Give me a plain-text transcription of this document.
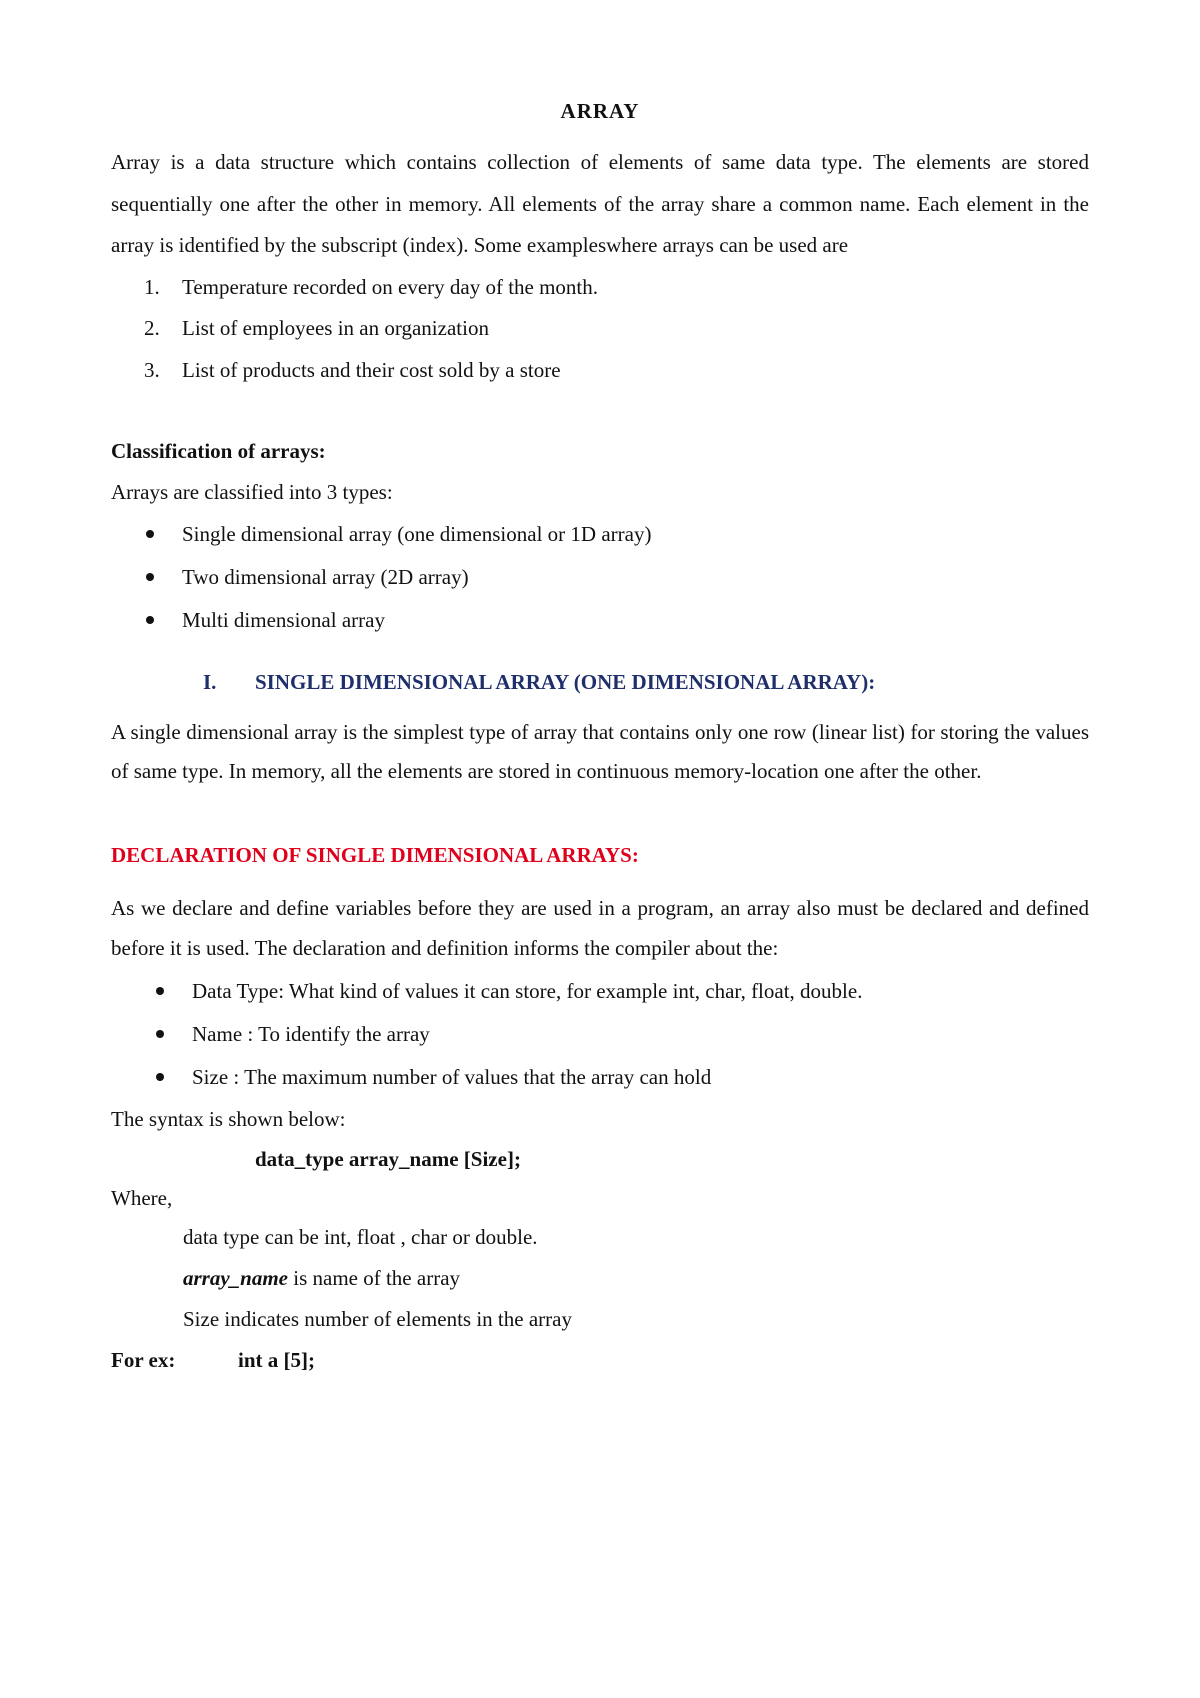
ARRAY

Array is a data structure which contains collection of elements of same data type. The elements are stored sequentially one after the other in memory. All elements of the array share a common name. Each element in the array is identified by the subscript (index). Some exampleswhere arrays can be used are

1. Temperature recorded on every day of the month.
2. List of employees in an organization
3. List of products and their cost sold by a store

Classification of arrays:

Arrays are classified into 3 types:

Single dimensional array (one dimensional or 1D array)
Two dimensional array (2D array)
Multi dimensional array

I. SINGLE DIMENSIONAL ARRAY (ONE DIMENSIONAL ARRAY):

A single dimensional array is the simplest type of array that contains only one row (linear list) for storing the values of same type. In memory, all the elements are stored in continuous memory-location one after the other.

DECLARATION OF SINGLE DIMENSIONAL ARRAYS:

As we declare and define variables before they are used in a program, an array also must be declared and defined before it is used. The declaration and definition informs the compiler about the:

Data Type: What kind of values it can store, for example int, char, float, double.
Name : To identify the array
Size : The maximum number of values that the array can hold

The syntax is shown below:

data_type array_name [Size];

Where,

data type can be int, float , char or double.

array_name is name of the array

Size indicates number of elements in the array

For ex:	int a [5];
